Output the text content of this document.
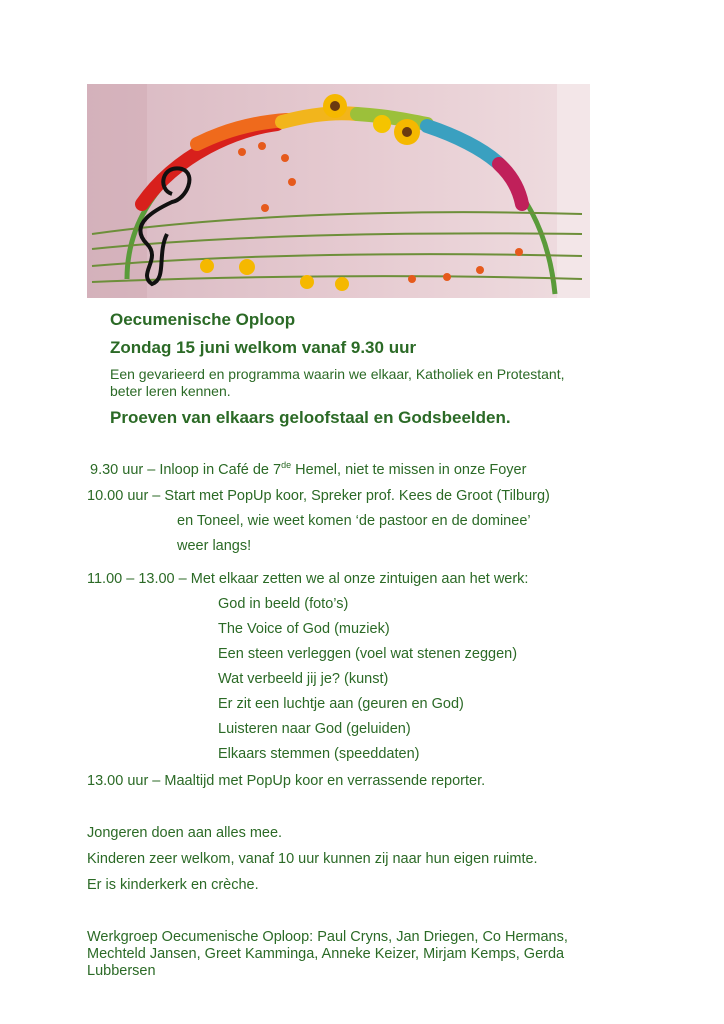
Oecumenische Oploop
Zondag 15 juni welkom vanaf 9.30 uur
Een gevarieerd en programma waarin we elkaar, Katholiek en Protestant, beter leren kennen.
Proeven van elkaars geloofstaal en Godsbeelden.
9.30 uur – Inloop in Café de 7de Hemel, niet te missen in onze Foyer
10.00 uur – Start met PopUp koor, Spreker prof. Kees de Groot (Tilburg)
en Toneel, wie weet komen ‘de pastoor en de dominee’
weer langs!
11.00 – 13.00 – Met elkaar zetten we al onze zintuigen aan het werk:
God in beeld (foto’s)
The Voice of God (muziek)
Een steen verleggen (voel wat stenen zeggen)
Wat verbeeld jij je? (kunst)
Er zit een luchtje aan (geuren en God)
Luisteren naar God (geluiden)
Elkaars stemmen (speeddaten)
13.00 uur – Maaltijd met PopUp koor en verrassende reporter.
Jongeren doen aan alles mee.
Kinderen zeer welkom, vanaf 10 uur kunnen zij naar hun eigen ruimte.
Er is kinderkerk en crèche.
Werkgroep Oecumenische Oploop: Paul Cryns, Jan Driegen, Co Hermans, Mechteld Jansen, Greet Kamminga, Anneke Keizer, Mirjam Kemps, Gerda Lubbersen
